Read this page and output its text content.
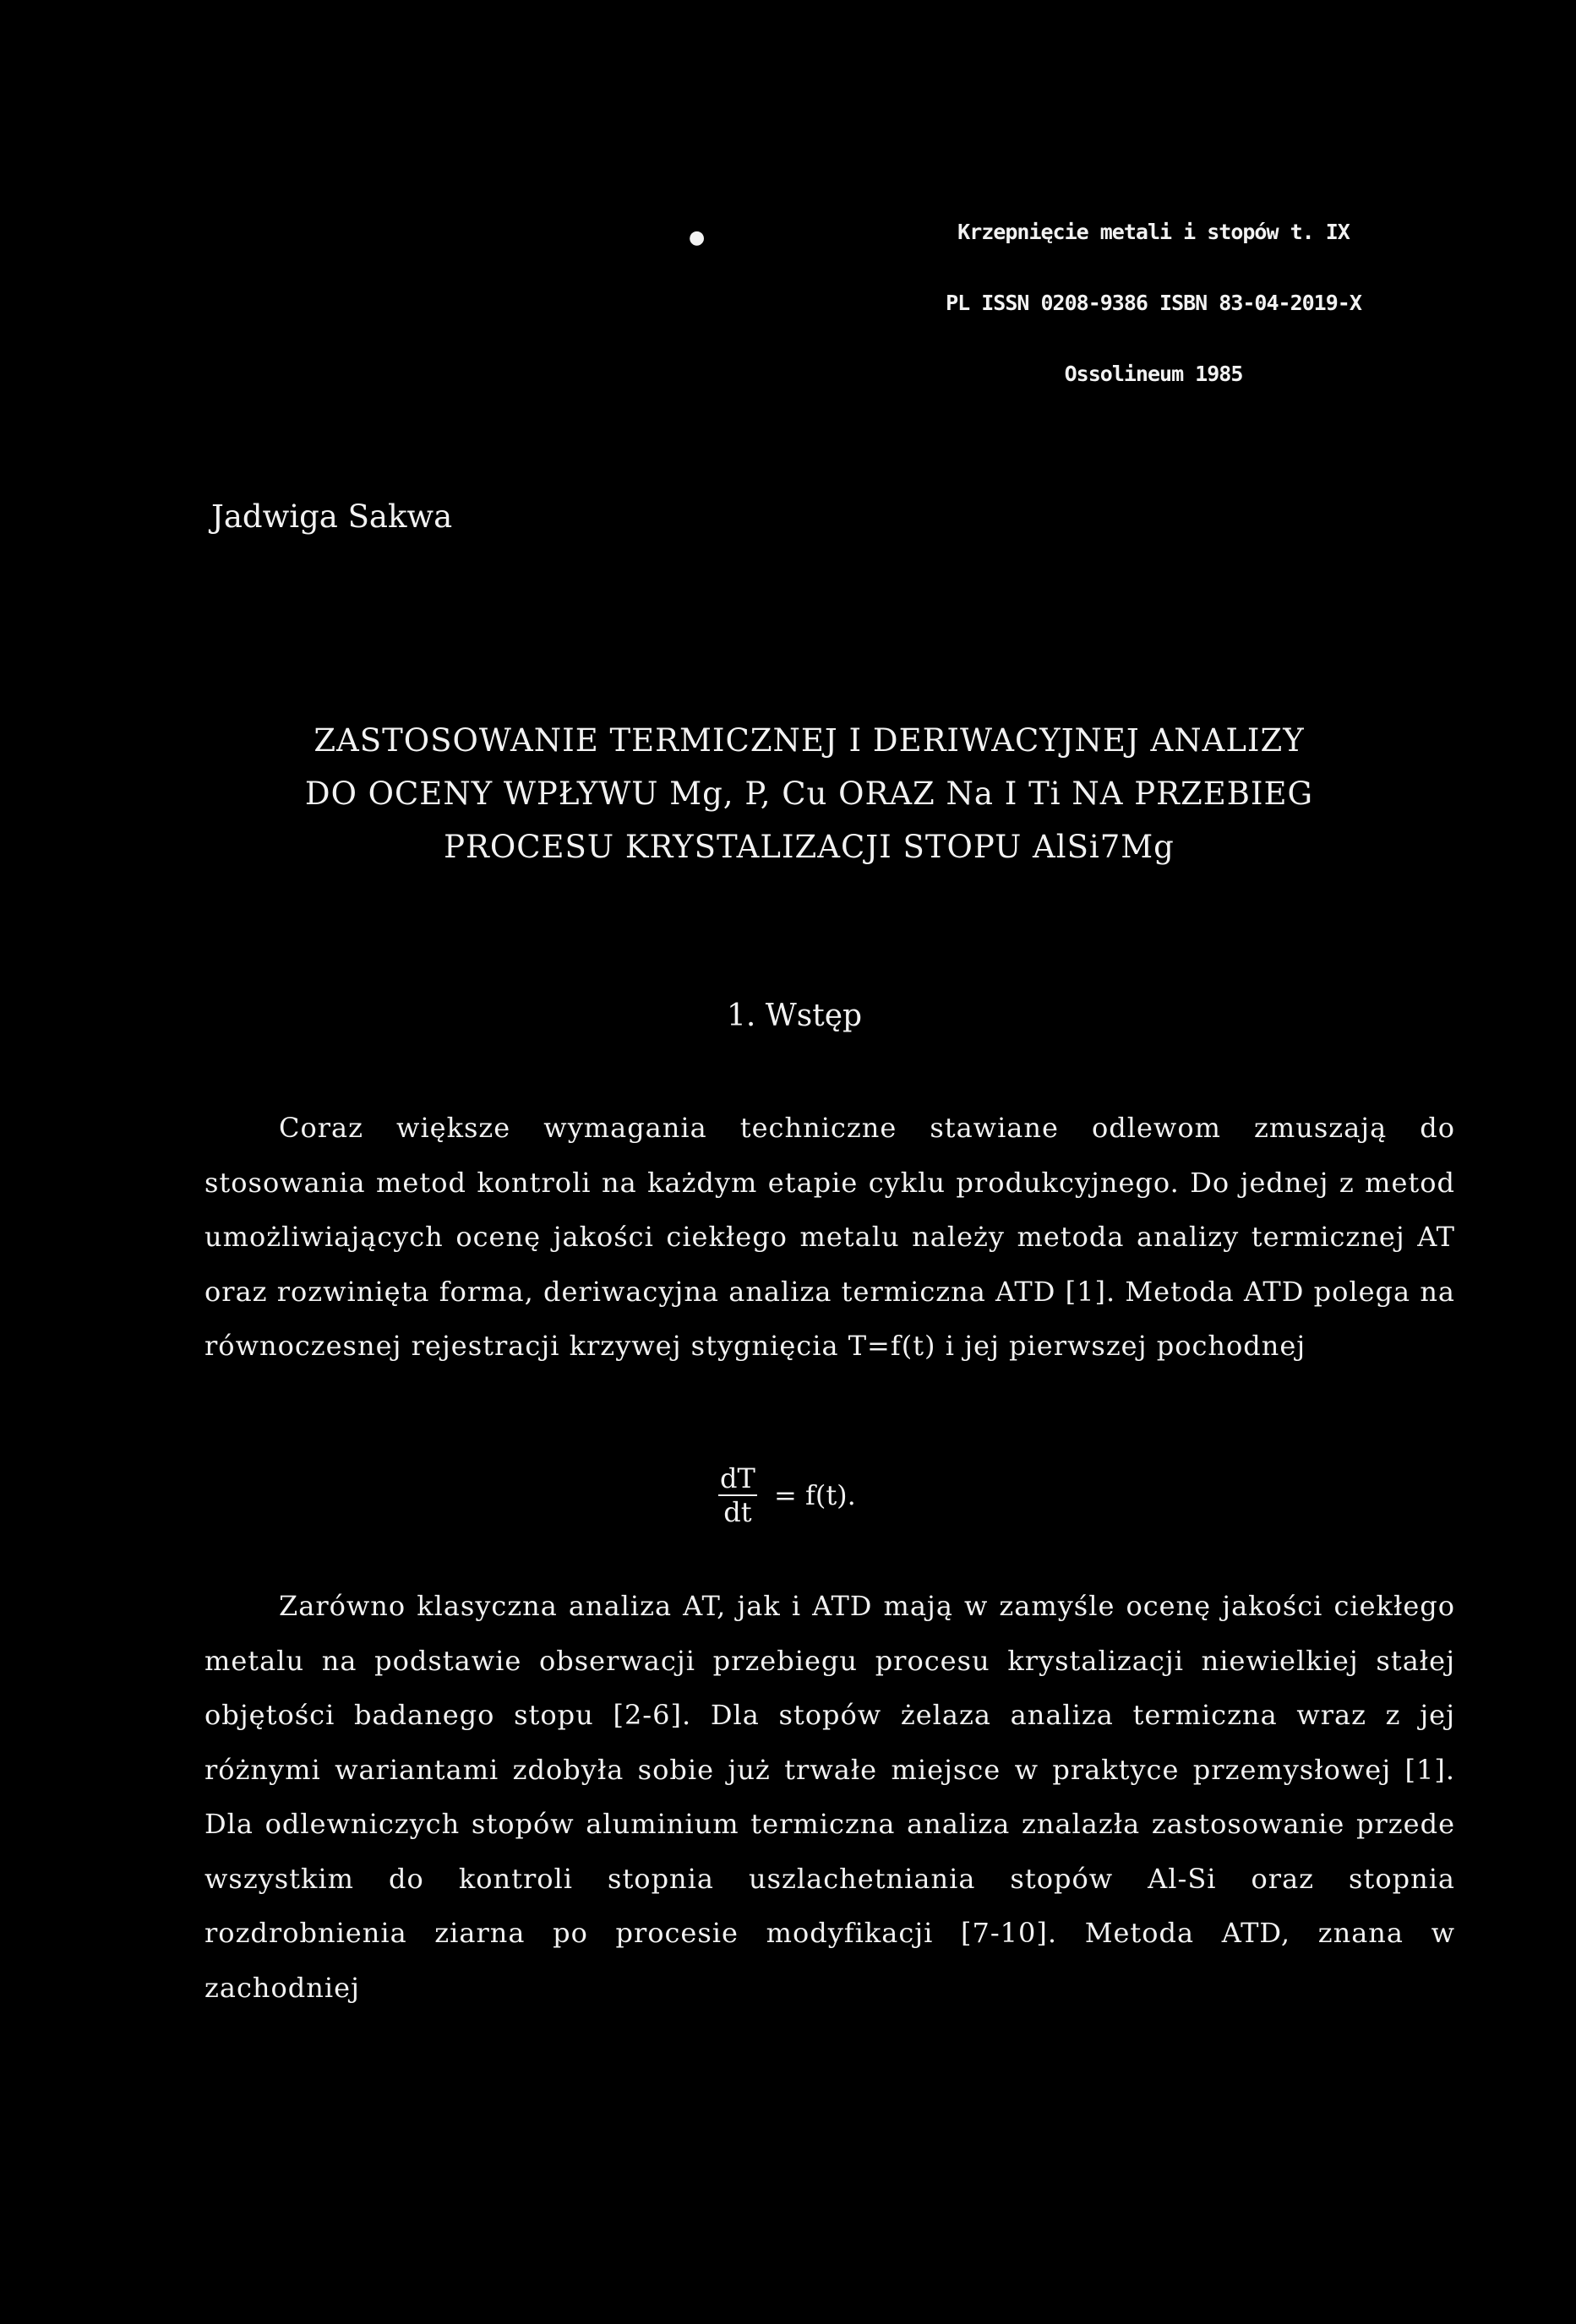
Krzepnięcie metali i stopów t. IX

PL ISSN 0208-9386 ISBN 83-04-2019-X

Ossolineum 1985

●
Jadwiga Sakwa
ZASTOSOWANIE TERMICZNEJ I DERIWACYJNEJ ANALIZY
DO OCENY WPŁYWU Mg, P, Cu ORAZ Na I Ti NA PRZEBIEG
PROCESU KRYSTALIZACJI STOPU AlSi7Mg
1. Wstęp
Coraz większe wymagania techniczne stawiane odlewom zmuszają do stosowania metod kontroli na każdym etapie cyklu produkcyjnego. Do jednej z metod umożliwiających ocenę jakości ciekłego metalu należy metoda analizy termicznej AT oraz rozwinięta forma, deriwacyjna analiza termiczna ATD [1]. Metoda ATD polega na równoczesnej rejestracji krzywej stygnięcia T=f(t) i jej pierwszej pochodnej
$\frac{dT}{dt} = f(t)$.
Zarówno klasyczna analiza AT, jak i ATD mają w zamyśle ocenę jakości ciekłego metalu na podstawie obserwacji przebiegu procesu krystalizacji niewielkiej stałej objętości badanego stopu [2-6]. Dla stopów żelaza analiza termiczna wraz z jej różnymi wariantami zdobyła sobie już trwałe miejsce w praktyce przemysłowej [1]. Dla odlewniczych stopów aluminium termiczna analiza znalazła zastosowanie przede wszystkim do kontroli stopnia uszlachetniania stopów Al-Si oraz stopnia rozdrobnienia ziarna po procesie modyfikacji [7-10]. Metoda ATD, znana w zachodniej
